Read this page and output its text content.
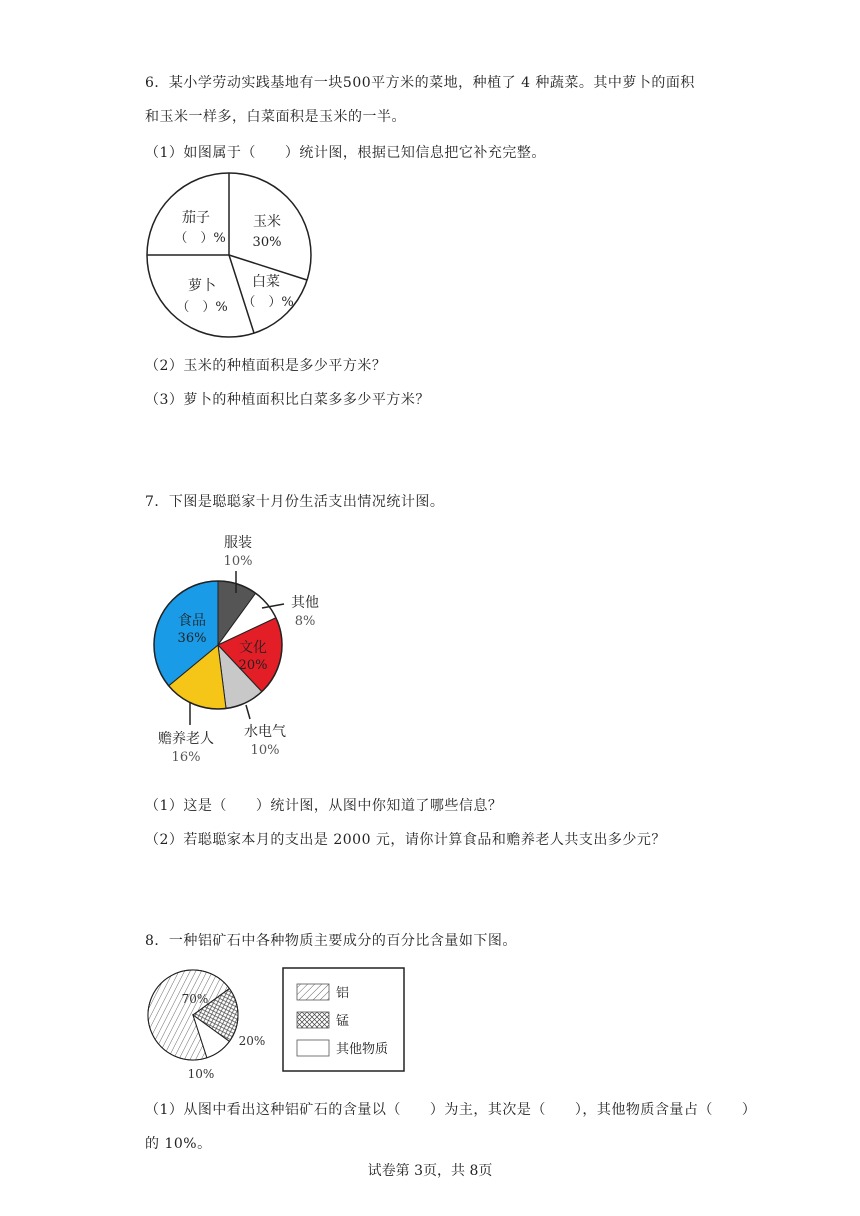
6．某小学劳动实践基地有一块500平方米的菜地，种植了 4 种蔬菜。其中萝卜的面积
和玉米一样多，白菜面积是玉米的一半。
（1）如图属于（　　）统计图，根据已知信息把它补充完整。
茄子
（　）%
玉米
30%
白菜
（　）%
萝卜
（　）%
（2）玉米的种植面积是多少平方米？
（3）萝卜的种植面积比白菜多多少平方米？
7．下图是聪聪家十月份生活支出情况统计图。
服装
10%
其他
8%
文化
20%
水电气
10%
赡养老人
16%
食品
36%
（1）这是（　　）统计图，从图中你知道了哪些信息？
（2）若聪聪家本月的支出是 2000 元，请你计算食品和赡养老人共支出多少元？
8．一种铝矿石中各种物质主要成分的百分比含量如下图。
70%
20%
10%
铝
锰
其他物质
（1）从图中看出这种铝矿石的含量以（　　）为主，其次是（　　），其他物质含量占（　　）
的 10%。
试卷第 3页，共 8页
